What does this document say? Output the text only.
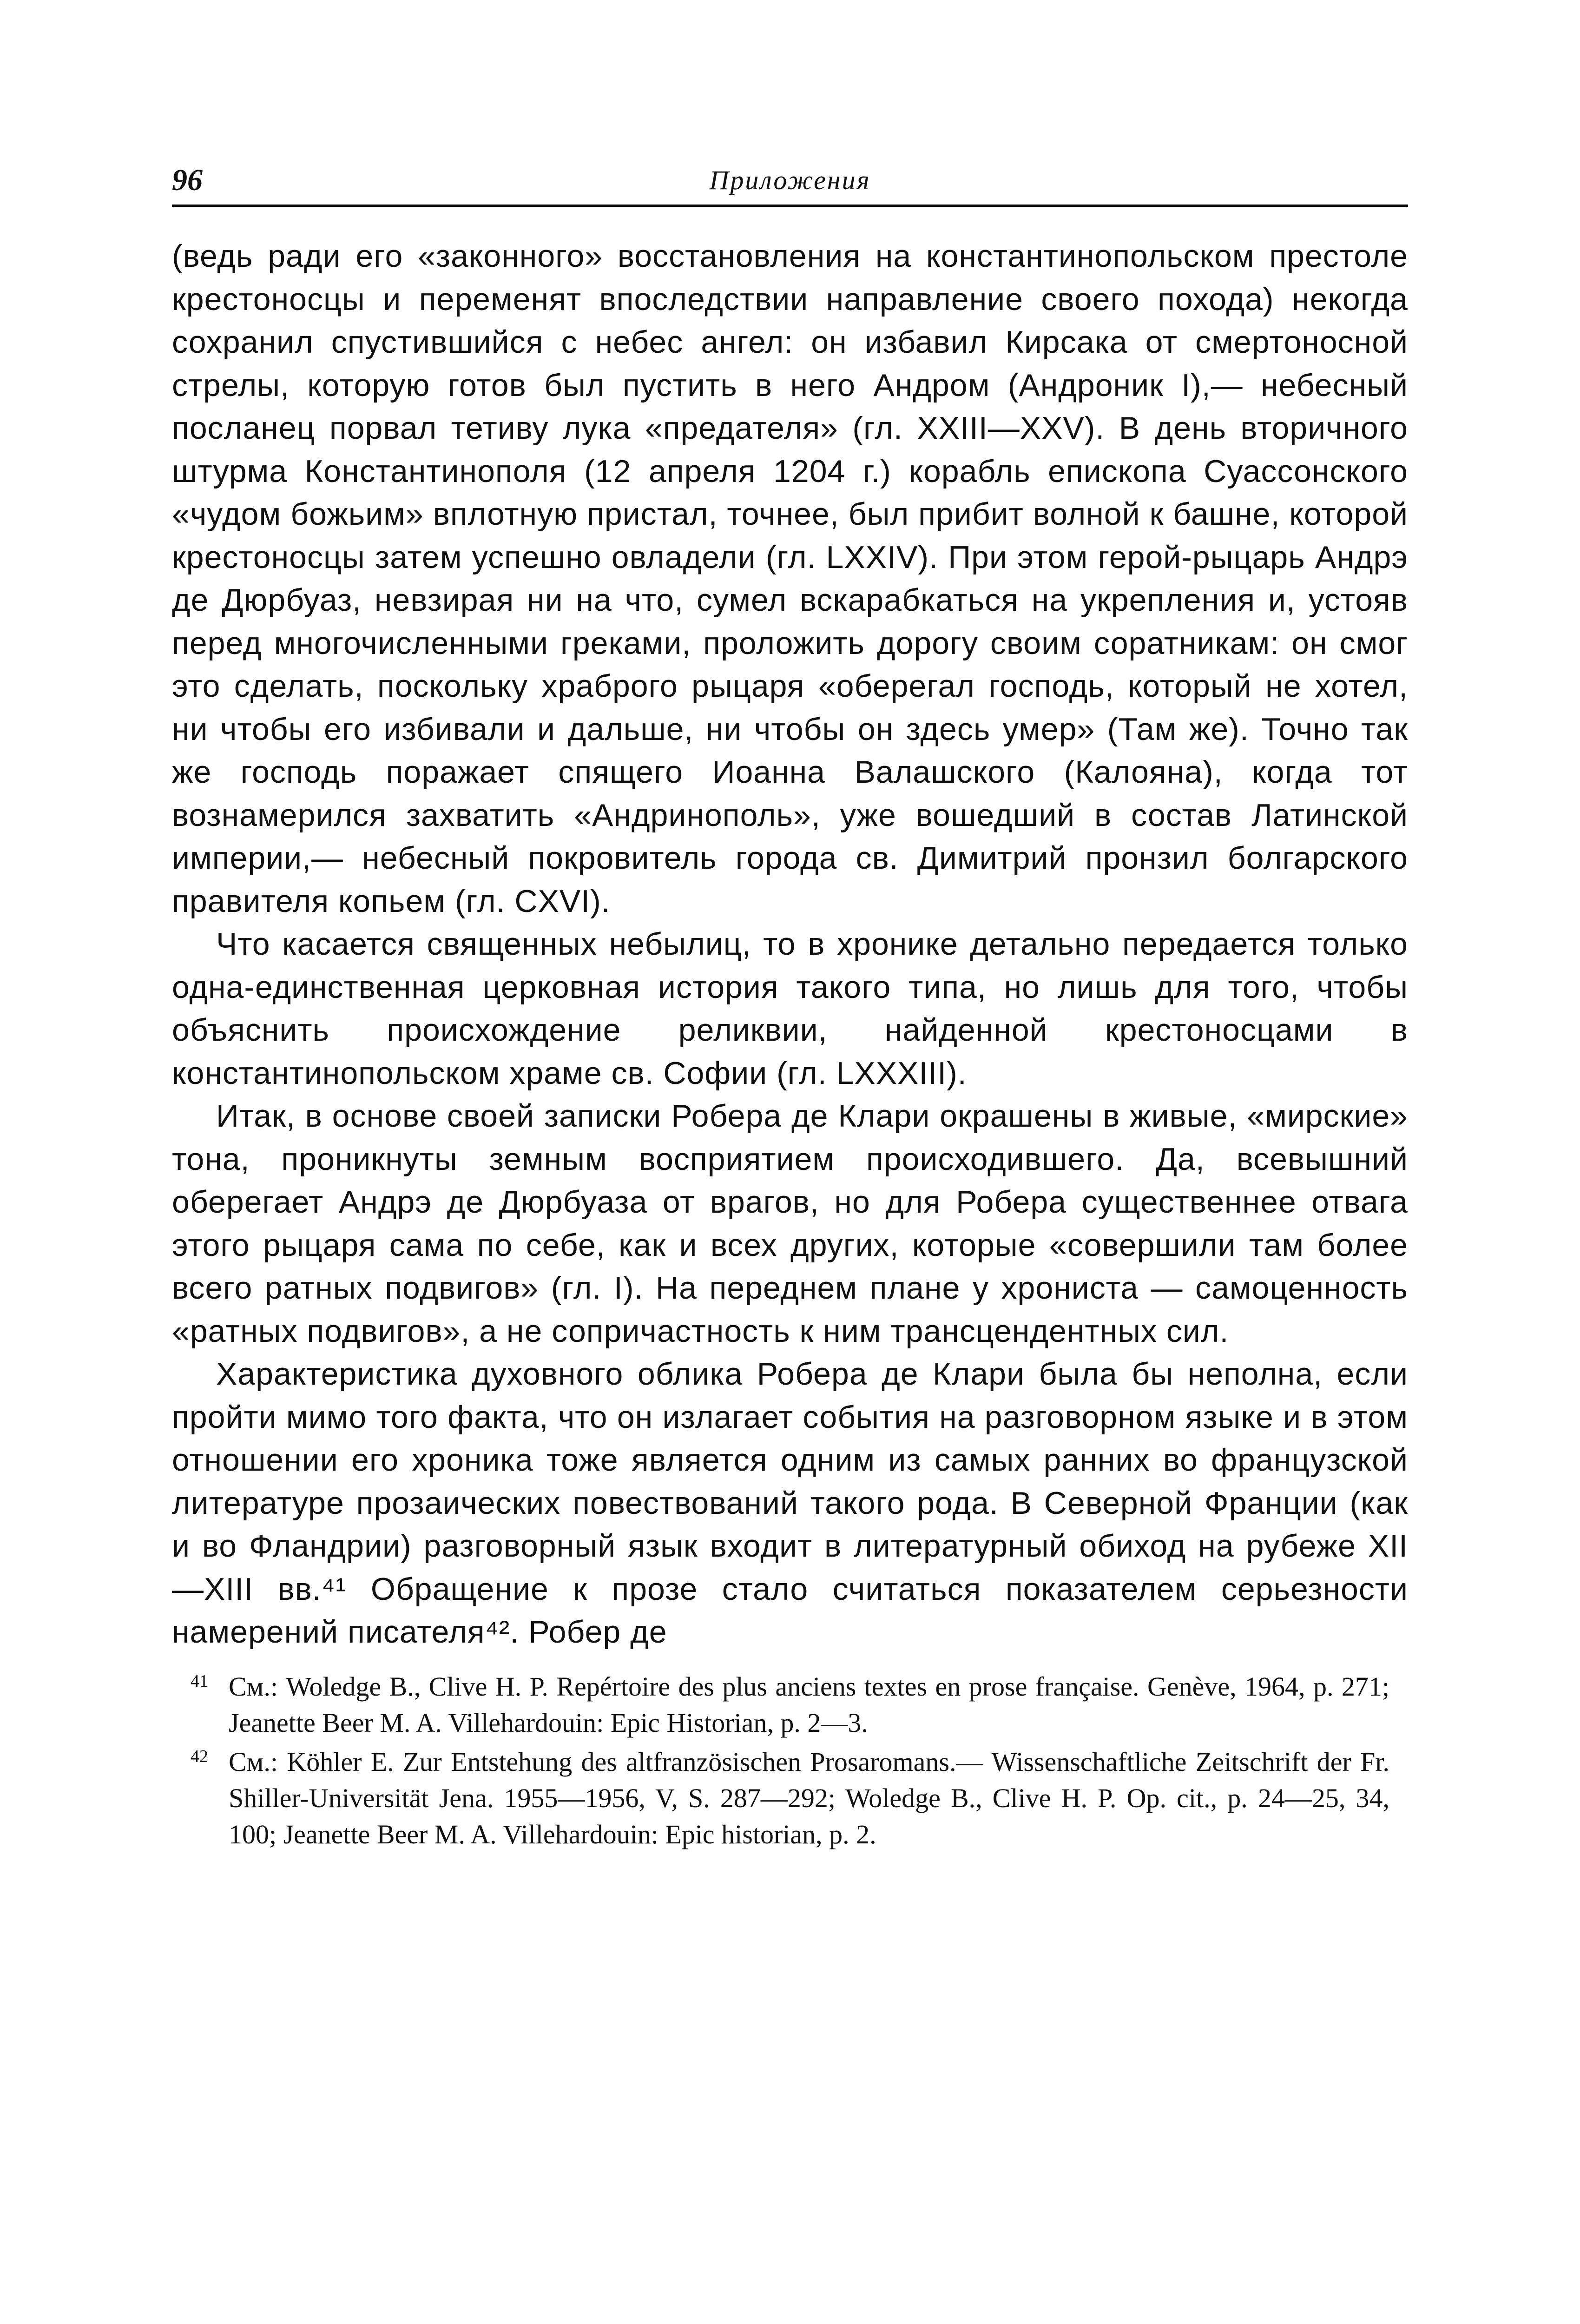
96	Приложения

(ведь ради его «законного» восстановления на константинопольском престоле крестоносцы и переменят впоследствии направление своего похода) некогда сохранил спустившийся с небес ангел: он избавил Кирсака от смертоносной стрелы, которую готов был пустить в него Андром (Андроник I),— небесный посланец порвал тетиву лука «предателя» (гл. XXIII—XXV). В день вторичного штурма Константинополя (12 апреля 1204 г.) корабль епископа Суассонского «чудом божьим» вплотную пристал, точнее, был прибит волной к башне, которой крестоносцы затем успешно овладели (гл. LXXIV). При этом герой-рыцарь Андрэ де Дюрбуаз, невзирая ни на что, сумел вскарабкаться на укрепления и, устояв перед многочисленными греками, проложить дорогу своим соратникам: он смог это сделать, поскольку храброго рыцаря «оберегал господь, который не хотел, ни чтобы его избивали и дальше, ни чтобы он здесь умер» (Там же). Точно так же господь поражает спящего Иоанна Валашского (Калояна), когда тот вознамерился захватить «Андринополь», уже вошедший в состав Латинской империи,— небесный покровитель города св. Димитрий пронзил болгарского правителя копьем (гл. CXVI).

Что касается священных небылиц, то в хронике детально передается только одна-единственная церковная история такого типа, но лишь для того, чтобы объяснить происхождение реликвии, найденной крестоносцами в константинопольском храме св. Софии (гл. LXXXIII).

Итак, в основе своей записки Робера де Клари окрашены в живые, «мирские» тона, проникнуты земным восприятием происходившего. Да, всевышний оберегает Андрэ де Дюрбуаза от врагов, но для Робера существеннее отвага этого рыцаря сама по себе, как и всех других, которые «совершили там более всего ратных подвигов» (гл. I). На переднем плане у хрониста — самоценность «ратных подвигов», а не сопричастность к ним трансцендентных сил.

Характеристика духовного облика Робера де Клари была бы неполна, если пройти мимо того факта, что он излагает события на разговорном языке и в этом отношении его хроника тоже является одним из самых ранних во французской литературе прозаических повествований такого рода. В Северной Франции (как и во Фландрии) разговорный язык входит в литературный обиход на рубеже XII—XIII вв.⁴¹ Обращение к прозе стало считаться показателем серьезности намерений писателя⁴². Робер де

41 См.: Woledge B., Clive H. P. Repértoire des plus anciens textes en prose française. Genève, 1964, p. 271; Jeanette Beer M. A. Villehardouin: Epic Historian, p. 2—3.
42 См.: Köhler E. Zur Entstehung des altfranzösischen Prosaromans.— Wissenschaftliche Zeitschrift der Fr. Shiller-Universität Jena. 1955—1956, V, S. 287—292; Woledge B., Clive H. P. Op. cit., p. 24—25, 34, 100; Jeanette Beer M. A. Villehardouin: Epic historian, p. 2.
